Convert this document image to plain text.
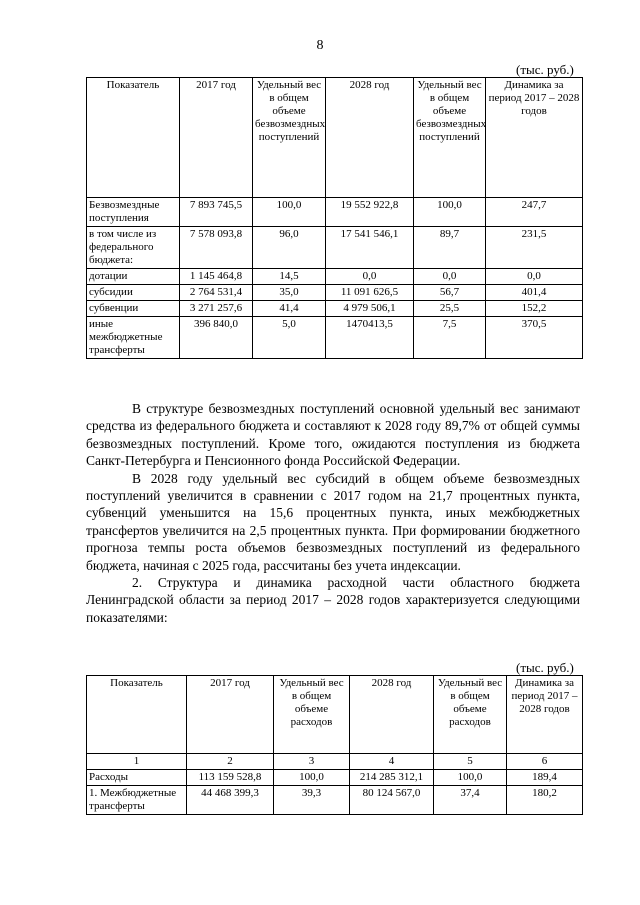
8
(тыс. руб.)
Показатель	2017 год	Удельный вес в общем объеме безвозмездных поступлений	2028 год	Удельный вес в общем объеме безвозмездных поступлений	Динамика за период 2017 – 2028 годов
Безвозмездные поступления	7 893 745,5	100,0	19 552 922,8	100,0	247,7
в том числе из федерального бюджета:	7 578 093,8	96,0	17 541 546,1	89,7	231,5
дотации	1 145 464,8	14,5	0,0	0,0	0,0
субсидии	2 764 531,4	35,0	11 091 626,5	56,7	401,4
субвенции	3 271 257,6	41,4	4 979 506,1	25,5	152,2
иные межбюджетные трансферты	396 840,0	5,0	1470413,5	7,5	370,5

В структуре безвозмездных поступлений основной удельный вес занимают средства из федерального бюджета и составляют к 2028 году 89,7% от общей суммы безвозмездных поступлений. Кроме того, ожидаются поступления из бюджета Санкт-Петербурга и Пенсионного фонда Российской Федерации.

В 2028 году удельный вес субсидий в общем объеме безвозмездных поступлений увеличится в сравнении с 2017 годом на 21,7 процентных пункта, субвенций уменьшится на 15,6 процентных пункта, иных межбюджетных трансфертов увеличится на 2,5 процентных пункта. При формировании бюджетного прогноза темпы роста объемов безвозмездных поступлений из федерального бюджета, начиная с 2025 года, рассчитаны без учета индексации.

2. Структура и динамика расходной части областного бюджета Ленинградской области за период 2017 – 2028 годов характеризуется следующими показателями:

(тыс. руб.)
Показатель	2017 год	Удельный вес в общем объеме расходов	2028 год	Удельный вес в общем объеме расходов	Динамика за период 2017 – 2028 годов
1	2	3	4	5	6
Расходы	113 159 528,8	100,0	214 285 312,1	100,0	189,4
1. Межбюджетные трансферты	44 468 399,3	39,3	80 124 567,0	37,4	180,2
